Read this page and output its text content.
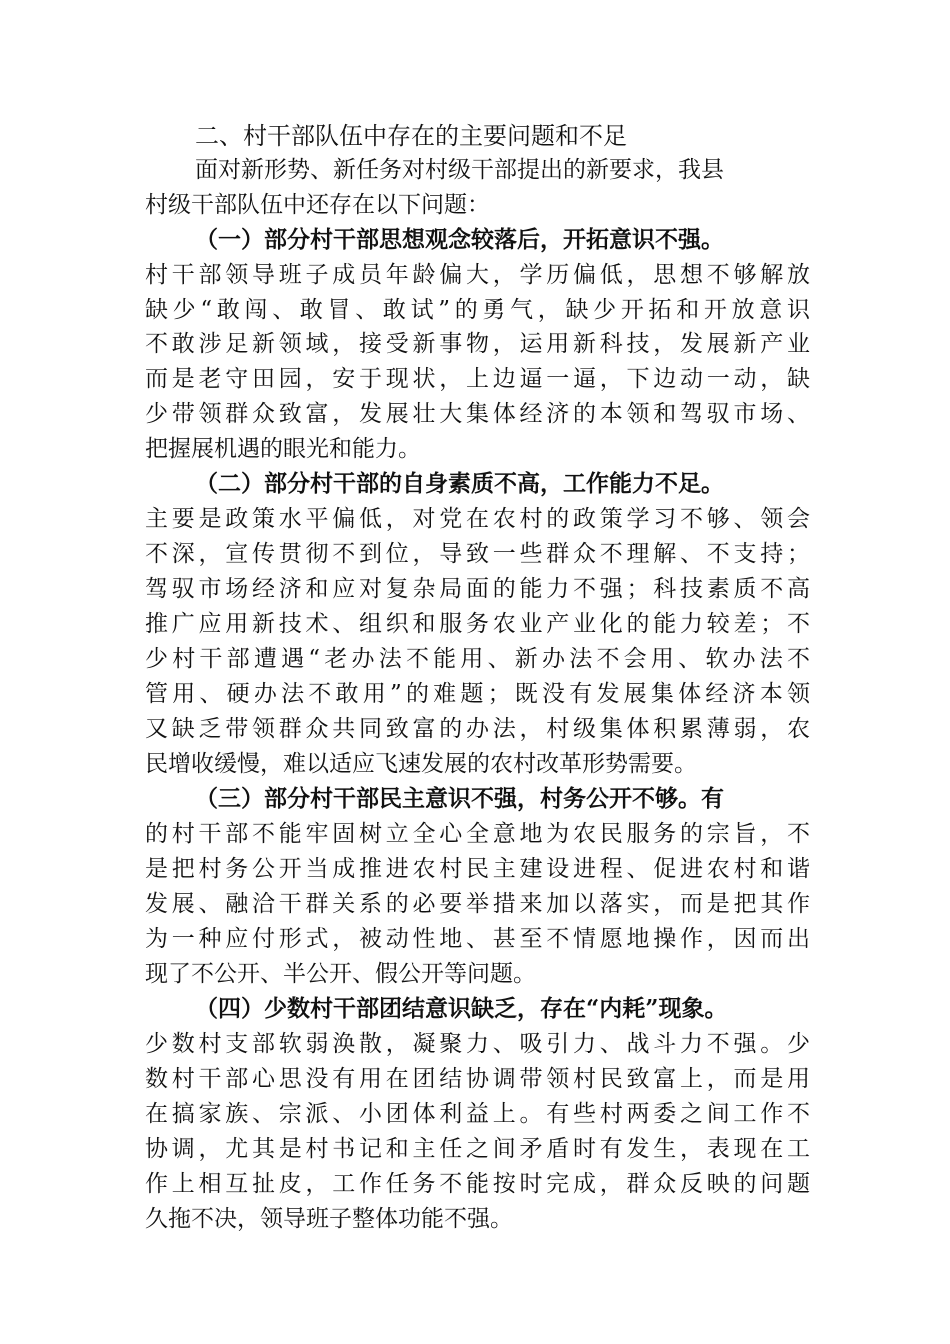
二、村干部队伍中存在的主要问题和不足
面对新形势、新任务对村级干部提出的新要求，我县
村级干部队伍中还存在以下问题：
（一）部分村干部思想观念较落后，开拓意识不强。
村干部领导班子成员年龄偏大，学历偏低，思想不够解放
缺少“敢闯、敢冒、敢试”的勇气，缺少开拓和开放意识
不敢涉足新领域，接受新事物，运用新科技，发展新产业
而是老守田园，安于现状，上边逼一逼，下边动一动，缺
少带领群众致富，发展壮大集体经济的本领和驾驭市场、
把握展机遇的眼光和能力。
（二）部分村干部的自身素质不高，工作能力不足。
主要是政策水平偏低，对党在农村的政策学习不够、领会
不深，宣传贯彻不到位，导致一些群众不理解、不支持；
驾驭市场经济和应对复杂局面的能力不强；科技素质不高
推广应用新技术、组织和服务农业产业化的能力较差；不
少村干部遭遇“老办法不能用、新办法不会用、软办法不
管用、硬办法不敢用”的难题；既没有发展集体经济本领
又缺乏带领群众共同致富的办法，村级集体积累薄弱，农
民增收缓慢，难以适应飞速发展的农村改革形势需要。
（三）部分村干部民主意识不强，村务公开不够。有
的村干部不能牢固树立全心全意地为农民服务的宗旨，不
是把村务公开当成推进农村民主建设进程、促进农村和谐
发展、融洽干群关系的必要举措来加以落实，而是把其作
为一种应付形式，被动性地、甚至不情愿地操作，因而出
现了不公开、半公开、假公开等问题。
（四）少数村干部团结意识缺乏，存在“内耗”现象。
少数村支部软弱涣散，凝聚力、吸引力、战斗力不强。少
数村干部心思没有用在团结协调带领村民致富上，而是用
在搞家族、宗派、小团体利益上。有些村两委之间工作不
协调，尤其是村书记和主任之间矛盾时有发生，表现在工
作上相互扯皮，工作任务不能按时完成，群众反映的问题
久拖不决，领导班子整体功能不强。
